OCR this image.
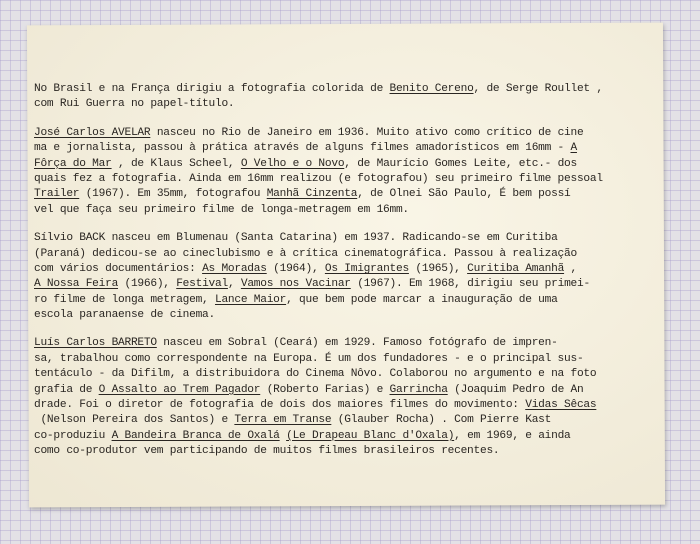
No Brasil e na França dirigiu a fotografia colorida de Benito Cereno, de Serge Roullet ,
com Rui Guerra no papel-título.
José Carlos AVELAR nasceu no Rio de Janeiro em 1936. Muito ativo como crítico de cine
ma e jornalista, passou à prática através de alguns filmes amadorísticos em 16mm - A
Fôrça do Mar , de Klaus Scheel, O Velho e o Novo, de Maurício Gomes Leite, etc.- dos
quais fez a fotografia. Ainda em 16mm realizou (e fotografou) seu primeiro filme pessoal
Trailer (1967). Em 35mm, fotografou Manhã Cinzenta, de Olnei São Paulo, É bem possí
vel que faça seu primeiro filme de longa-metragem em 16mm.
Sílvio BACK nasceu em Blumenau (Santa Catarina) em 1937. Radicando-se em Curitiba
(Paraná) dedicou-se ao cineclubismo e à crítica cinematográfica. Passou à realização
com vários documentários: As Moradas (1964), Os Imigrantes (1965), Curitiba Amanhã ,
A Nossa Feira (1966), Festival, Vamos nos Vacinar (1967). Em 1968, dirigiu seu primei-
ro filme de longa metragem, Lance Maior, que bem pode marcar a inauguração de uma
escola paranaense de cinema.
Luís Carlos BARRETO nasceu em Sobral (Ceará) em 1929. Famoso fotógrafo de impren-
sa, trabalhou como correspondente na Europa. É um dos fundadores - e o principal sus-
tentáculo - da Difilm, a distribuidora do Cinema Nôvo. Colaborou no argumento e na foto
grafia de O Assalto ao Trem Pagador (Roberto Farias) e Garrincha (Joaquim Pedro de An
drade. Foi o diretor de fotografia de dois dos maiores filmes do movimento: Vidas Sêcas
(Nelson Pereira dos Santos) e Terra em Transe (Glauber Rocha) . Com Pierre Kast
co-produziu A Bandeira Branca de Oxalá (Le Drapeau Blanc d'Oxala), em 1969, e ainda
como co-produtor vem participando de muitos filmes brasileiros recentes.
